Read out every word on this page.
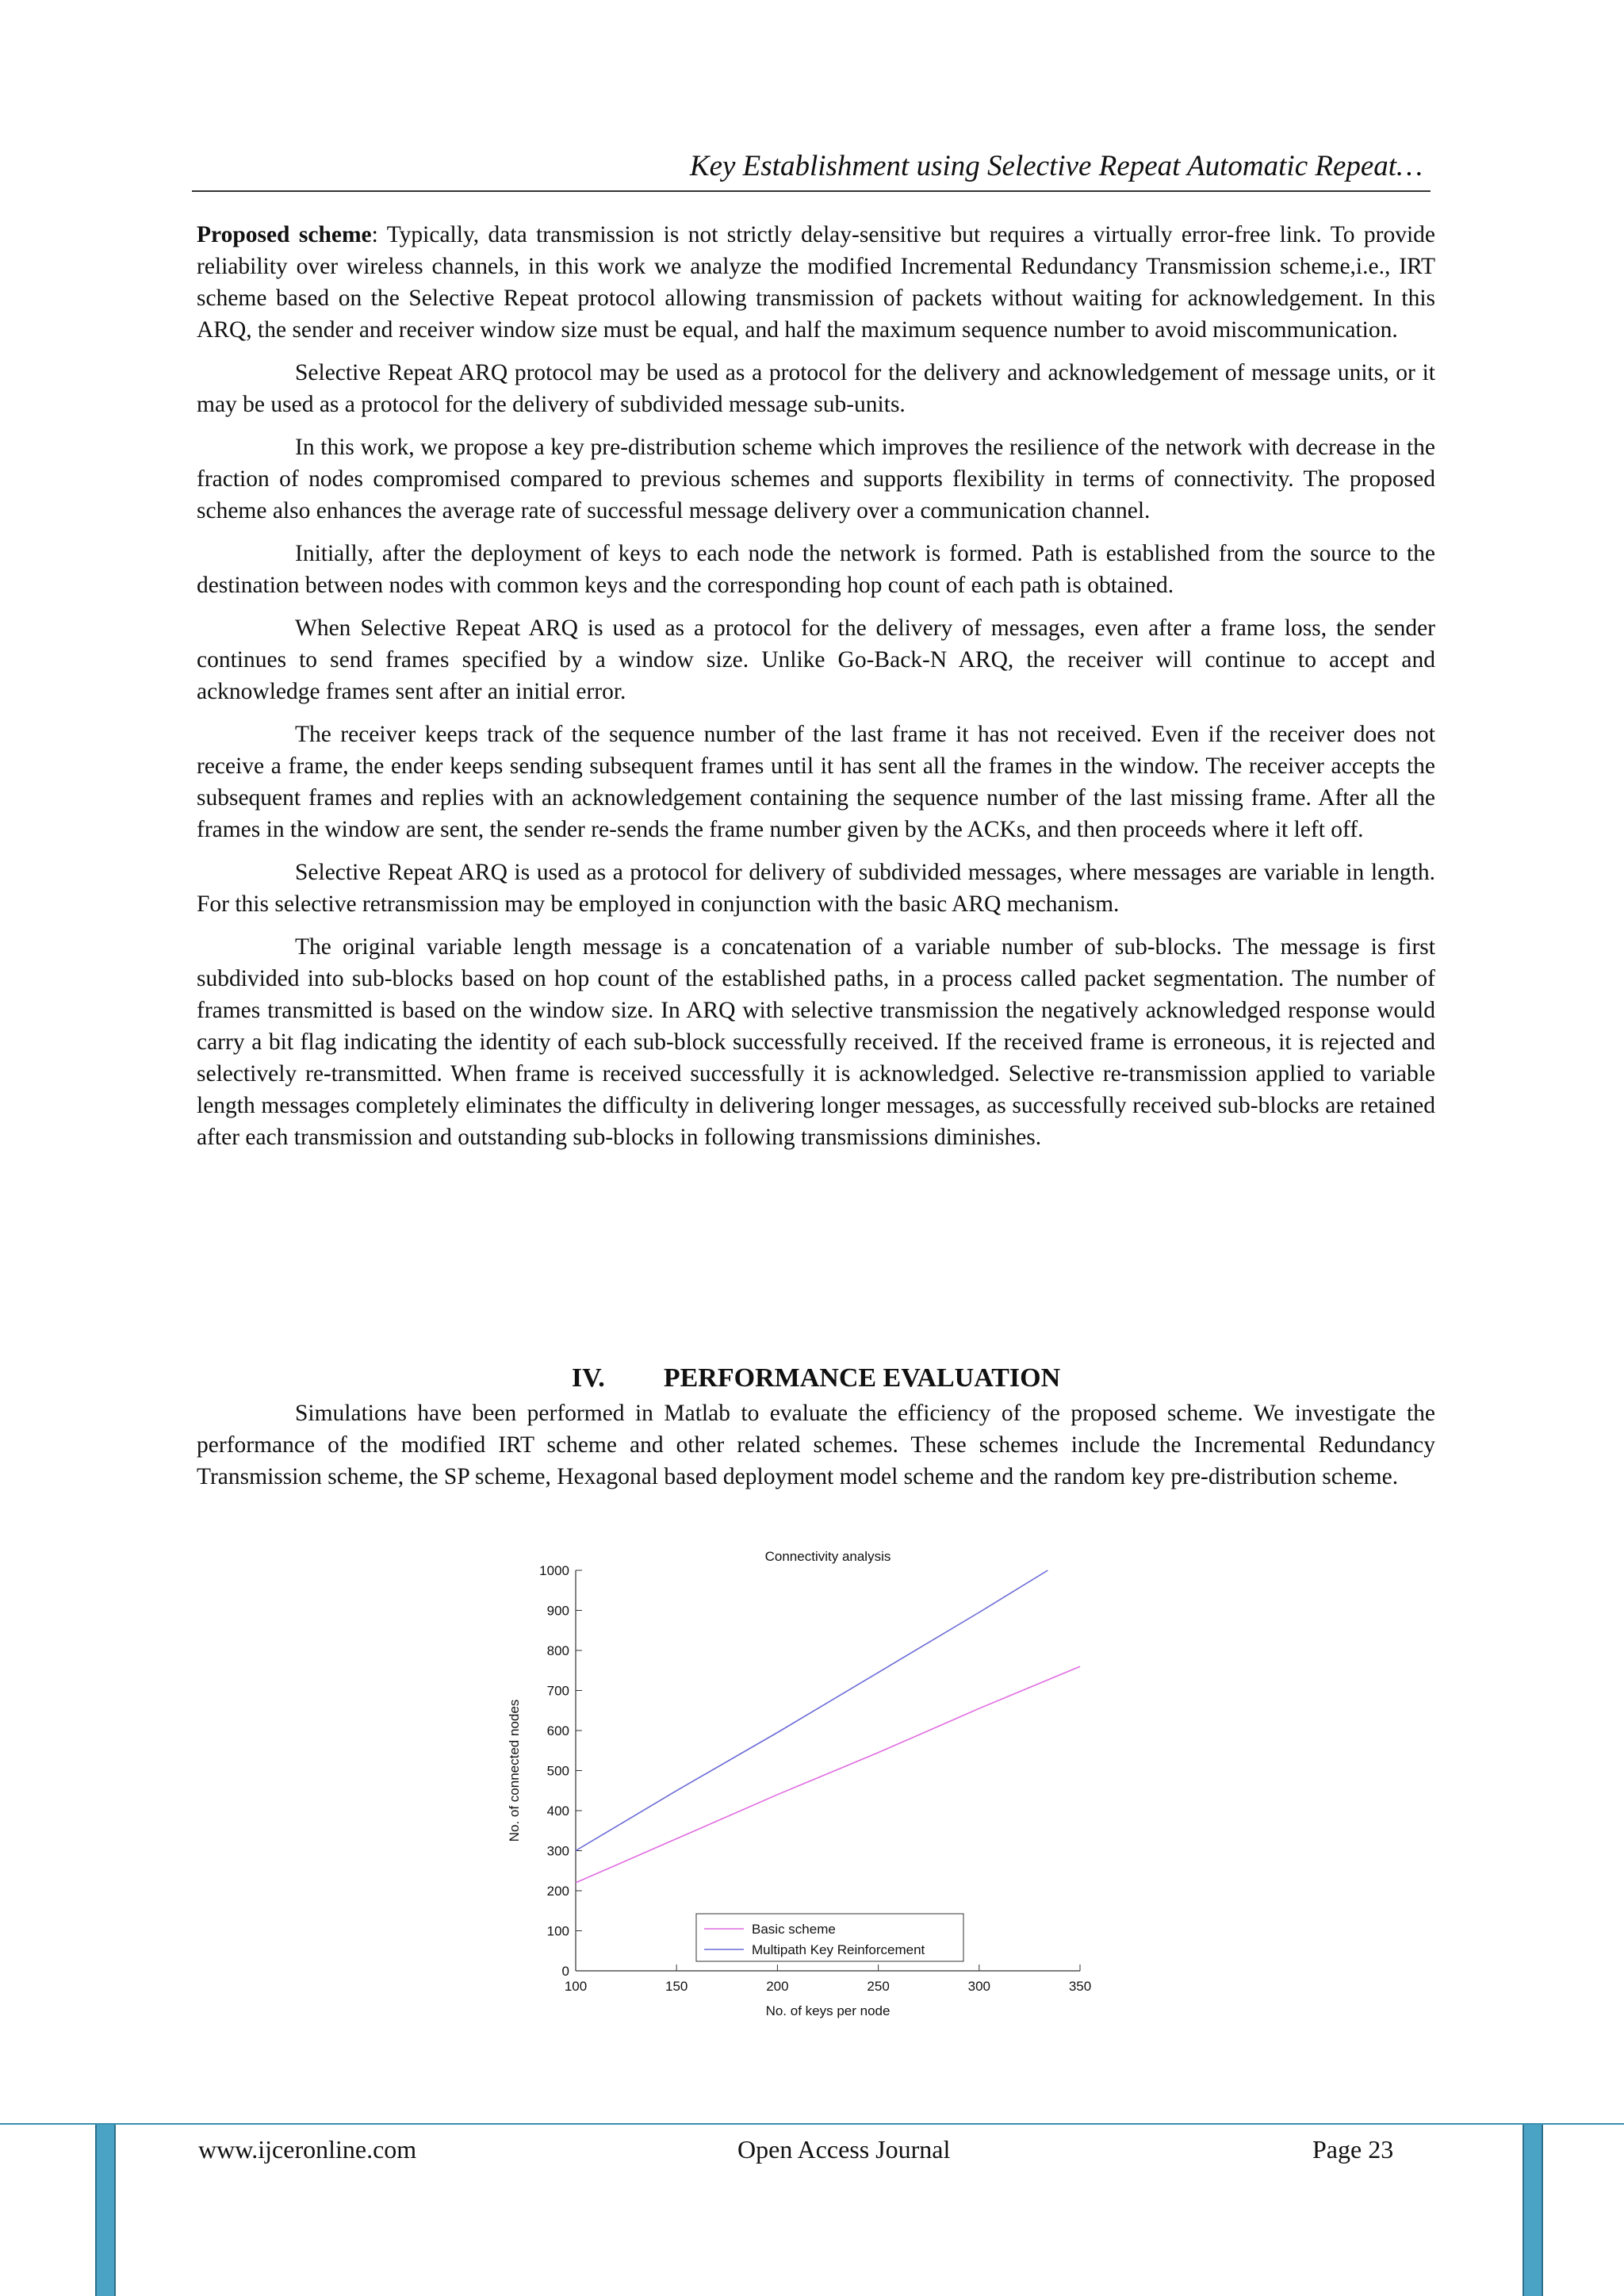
Key Establishment using Selective Repeat Automatic Repeat…

Proposed scheme: Typically, data transmission is not strictly delay-sensitive but requires a virtually error-free link. To provide reliability over wireless channels, in this work we analyze the modified Incremental Redundancy Transmission scheme,i.e., IRT scheme based on the Selective Repeat protocol allowing transmission of packets without waiting for acknowledgement. In this ARQ, the sender and receiver window size must be equal, and half the maximum sequence number to avoid miscommunication.

Selective Repeat ARQ protocol may be used as a protocol for the delivery and acknowledgement of message units, or it may be used as a protocol for the delivery of subdivided message sub-units.

In this work, we propose a key pre-distribution scheme which improves the resilience of the network with decrease in the fraction of nodes compromised compared to previous schemes and supports flexibility in terms of connectivity. The proposed scheme also enhances the average rate of successful message delivery over a communication channel.

Initially, after the deployment of keys to each node the network is formed. Path is established from the source to the destination between nodes with common keys and the corresponding hop count of each path is obtained.

When Selective Repeat ARQ is used as a protocol for the delivery of messages, even after a frame loss, the sender continues to send frames specified by a window size. Unlike Go-Back-N ARQ, the receiver will continue to accept and acknowledge frames sent after an initial error.

The receiver keeps track of the sequence number of the last frame it has not received. Even if the receiver does not receive a frame, the ender keeps sending subsequent frames until it has sent all the frames in the window. The receiver accepts the subsequent frames and replies with an acknowledgement containing the sequence number of the last missing frame. After all the frames in the window are sent, the sender re-sends the frame number given by the ACKs, and then proceeds where it left off.

Selective Repeat ARQ is used as a protocol for delivery of subdivided messages, where messages are variable in length. For this selective retransmission may be employed in conjunction with the basic ARQ mechanism.

The original variable length message is a concatenation of a variable number of sub-blocks. The message is first subdivided into sub-blocks based on hop count of the established paths, in a process called packet segmentation. The number of frames transmitted is based on the window size. In ARQ with selective transmission the negatively acknowledged response would carry a bit flag indicating the identity of each sub-block successfully received. If the received frame is erroneous, it is rejected and selectively re-transmitted. When frame is received successfully it is acknowledged. Selective re-transmission applied to variable length messages completely eliminates the difficulty in delivering longer messages, as successfully received sub-blocks are retained after each transmission and outstanding sub-blocks in following transmissions diminishes.

IV. PERFORMANCE EVALUATION

Simulations have been performed in Matlab to evaluate the efficiency of the proposed scheme. We investigate the performance of the modified IRT scheme and other related schemes. These schemes include the Incremental Redundancy Transmission scheme, the SP scheme, Hexagonal based deployment model scheme and the random key pre-distribution scheme.

Connectivity analysis
No. of keys per node
No. of connected nodes
100	150	200	250	300	350
0
100
200
300
400
500
600
700
800
900
1000
Basic scheme
Multipath Key Reinforcement
www.ijceronline.com	Open Access Journal	Page 23
